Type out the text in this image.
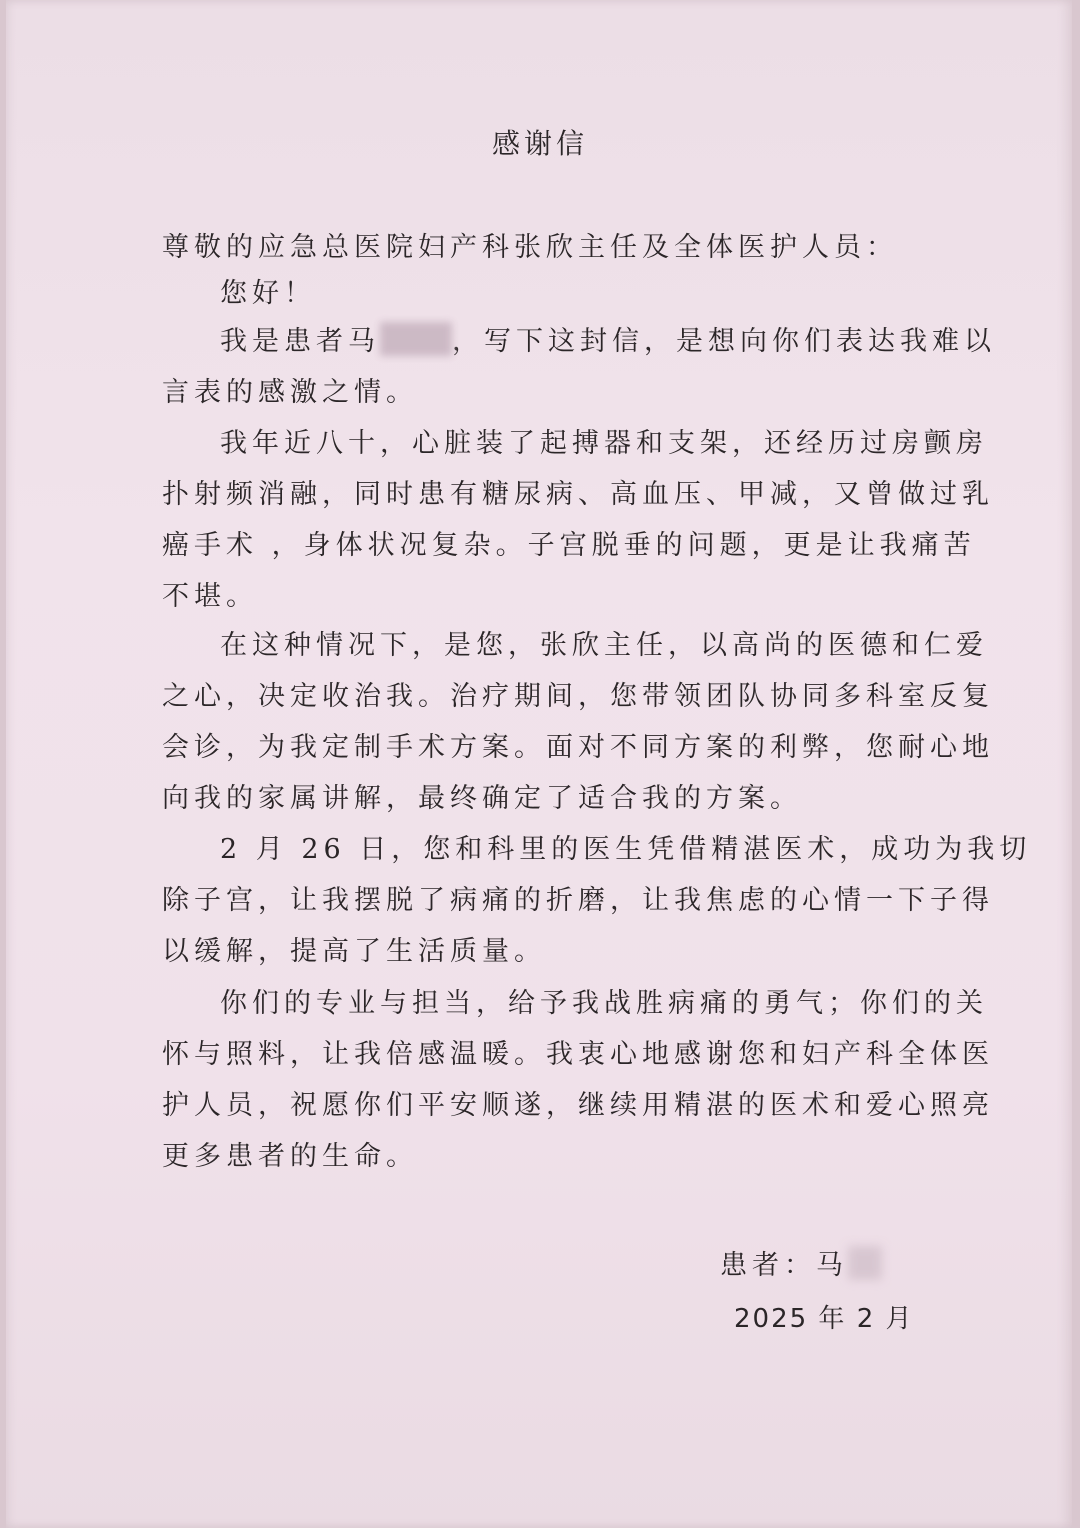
感谢信
尊敬的应急总医院妇产科张欣主任及全体医护人员：
您好！
我是患者马	，写下这封信，是想向你们表达我难以
言表的感激之情。
我年近八十，心脏装了起搏器和支架，还经历过房颤房
扑射频消融，同时患有糖尿病、高血压、甲减，又曾做过乳
癌手术 ，身体状况复杂。子宫脱垂的问题，更是让我痛苦
不堪。
在这种情况下，是您，张欣主任，以高尚的医德和仁爱
之心，决定收治我。治疗期间，您带领团队协同多科室反复
会诊，为我定制手术方案。面对不同方案的利弊，您耐心地
向我的家属讲解，最终确定了适合我的方案。
2 月 26 日，您和科里的医生凭借精湛医术，成功为我切
除子宫，让我摆脱了病痛的折磨，让我焦虑的心情一下子得
以缓解，提高了生活质量。
你们的专业与担当，给予我战胜病痛的勇气；你们的关
怀与照料，让我倍感温暖。我衷心地感谢您和妇产科全体医
护人员，祝愿你们平安顺遂，继续用精湛的医术和爱心照亮
更多患者的生命。
患者：马
2025 年 2 月
